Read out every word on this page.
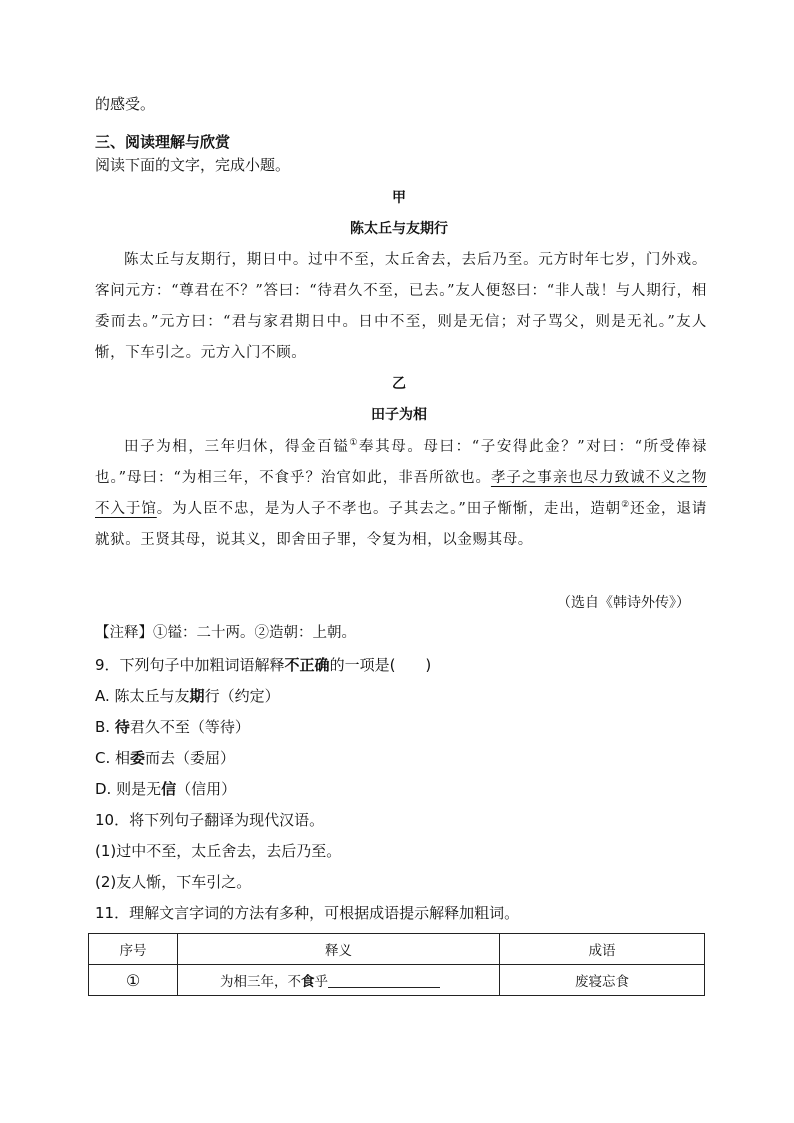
的感受。
三、阅读理解与欣赏
阅读下面的文字，完成小题。
甲
陈太丘与友期行
陈太丘与友期行，期日中。过中不至，太丘舍去，去后乃至。元方时年七岁，门外戏。客问元方：“尊君在不？”答曰：“待君久不至，已去。”友人便怒曰：“非人哉！与人期行，相委而去。”元方曰：“君与家君期日中。日中不至，则是无信；对子骂父，则是无礼。”友人惭，下车引之。元方入门不顾。
乙
田子为相
田子为相，三年归休，得金百镒①奉其母。母曰：“子安得此金？”对曰：“所受俸禄也。”母曰：“为相三年，不食乎？治官如此，非吾所欲也。孝子之事亲也尽力致诚不义之物不入于馆。为人臣不忠，是为人子不孝也。子其去之。”田子惭惭，走出，造朝②还金，退请就狱。王贤其母，说其义，即舍田子罪，令复为相，以金赐其母。
（选自《韩诗外传》）
【注释】①镒：二十两。②造朝：上朝。
9．下列句子中加粗词语解释不正确的一项是(　　)
A. 陈太丘与友期行（约定）
B. 待君久不至（等待）
C. 相委而去（委屈）
D. 则是无信（信用）
10．将下列句子翻译为现代汉语。
(1)过中不至，太丘舍去，去后乃至。
(2)友人惭，下车引之。
11．理解文言字词的方法有多种，可根据成语提示解释加粗词。
序号	释义	成语
①	为相三年，不食乎	废寝忘食
